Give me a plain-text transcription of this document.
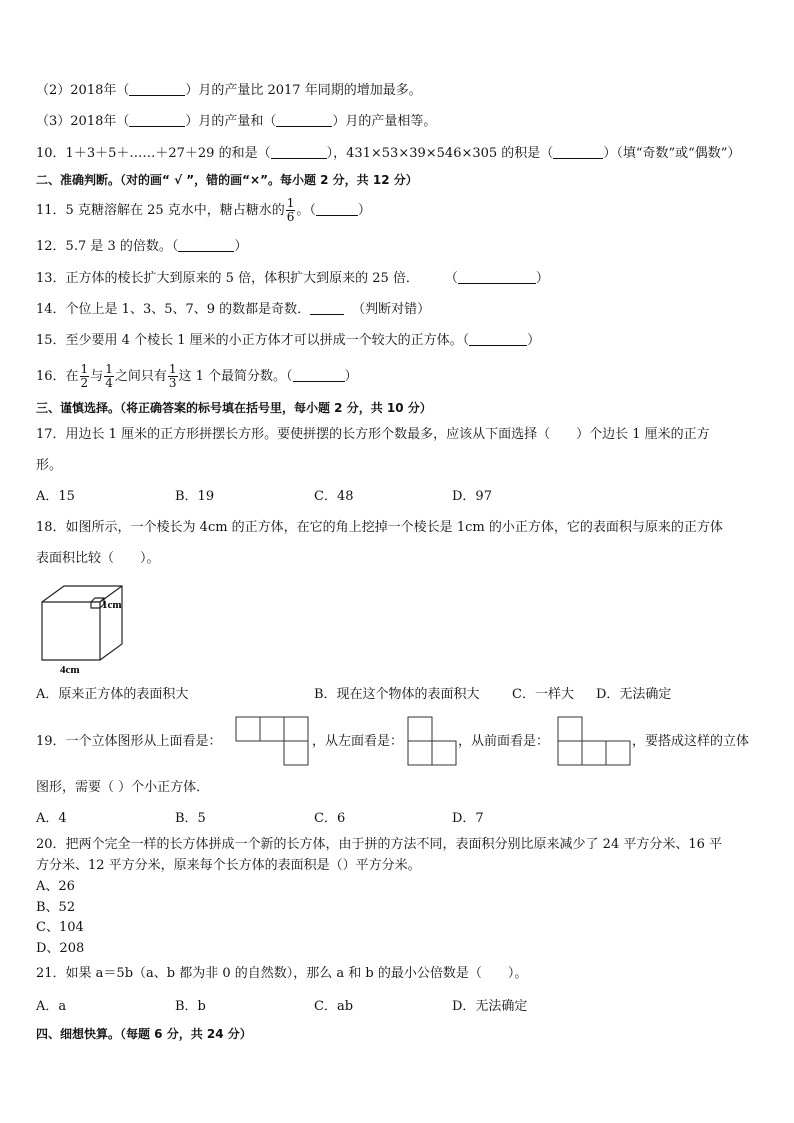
（2）2018年（	）月的产量比 2017 年同期的增加最多。
（3）2018年（	）月的产量和（	）月的产量相等。
10．1＋3＋5＋……＋27＋29 的和是（	），431×53×39×546×305 的积是（	）（填“奇数”或“偶数”）
二、准确判断。（对的画“ √ ”，错的画“×”。每小题 2 分，共 12 分）
11．5 克糖溶解在 25 克水中，糖占糖水的 $\frac{1}{6}$ 。（	）
12．5.7 是 3 的倍数。（	）
13．正方体的棱长扩大到原来的 5 倍，体积扩大到原来的 25 倍． （	）
14．个位上是 1、3、5、7、9 的数都是奇数．	（判断对错）
15．至少要用 4 个棱长 1 厘米的小正方体才可以拼成一个较大的正方体。（	）
16．在 $\frac{1}{2}$ 与 $\frac{1}{4}$ 之间只有 $\frac{1}{3}$ 这 1 个最简分数。（	）
三、谨慎选择。（将正确答案的标号填在括号里，每小题 2 分，共 10 分）
17．用边长 1 厘米的正方形拼摆长方形。要使拼摆的长方形个数最多，应该从下面选择（　　）个边长 1 厘米的正方
形。
A．15	B．19	C．48	D．97
18．如图所示，一个棱长为 4cm 的正方体，在它的角上挖掉一个棱长是 1cm 的小正方体，它的表面积与原来的正方体
表面积比较（　　）。
1cm
4cm
A．原来正方体的表面积大	B．现在这个物体的表面积大 C．一样大 D．无法确定
19．一个立体图形从上面看是：	，从左面看是：	，从前面看是：	，要搭成这样的立体
图形，需要（ ）个小正方体．
A．4	B．5	C．6	D．7
20．把两个完全一样的长方体拼成一个新的长方体，由于拼的方法不同，表面积分别比原来减少了 24 平方分米、16 平
方分米、12 平方分米，原来每个长方体的表面积是（）平方分米。
A、26
B、52
C、104
D、208
21．如果 a＝5b（a、b 都为非 0 的自然数），那么 a 和 b 的最小公倍数是（　　）。
A．a	B．b	C．ab	D．无法确定
四、细想快算。（每题 6 分，共 24 分）
